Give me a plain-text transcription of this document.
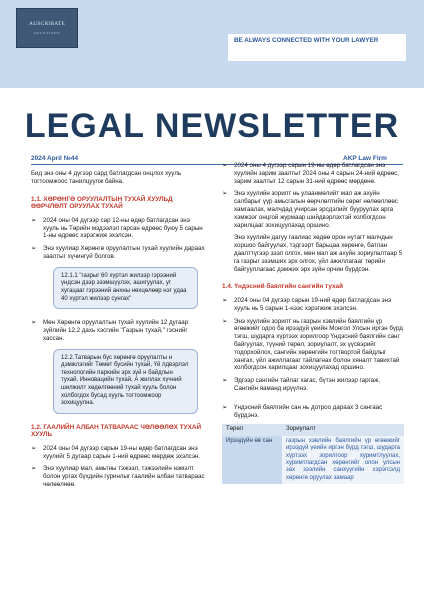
AUSCRIBATE
SOLUTIONS
BE ALWAYS CONNECTED WITH YOUR LAWYER
LEGAL NEWSLETTER
2024 April №44	AKP Law Firm

Бид энэ оны 4 дүгээр сард батлагдсан онцлох хууль тогтоомжоос танилцуулж байна.

1.1. ХӨРӨНГӨ ОРУУЛАЛТЫН ТУХАЙ ХУУЛЬД ӨӨРЧЛӨЛТ ОРУУЛАХ ТУХАЙ
➢ 2024 оны 04 дүгээр сар 12-ны өдөр батлагдсан энэ хууль нь Төрийн мэдээлэл гарсан өдрөөс буюу 5 сарын 1-ны өдрөөс хэрэгжиж эхэлсэн.
➢ Энэ хуулиар Хөрөнгө оруулалтын тухай хуулийн дараах заалтыг хүчингүй болгов.
12.1.1 "газрыг 60 хүртэл жилээр гэрээний үндсэн дээр эзэмшүүлэх, ашигуулах, уг хугацааг гэрээний анхны нөхцөлөөр нэг удаа 40 хүртэл жилээр сунгах"
➢ Мөн Хөрөнгө оруулалтын тухай хуулийн 12 дугаар зүйлийн 12.2 дахь хэсгийн "Газрын тухай," гэснийг хассан.
12.2.Татварын бус хөрөнгө оруулалты н дэмжлэгийг Төмөт бусийн тухай, Үй лдвэрлэл технологийн паркийн эрх зүй н байдлын тухай, Инновацийн тухай, А жиллах хүчний шилжилт хөдөлгөөний тухай хууль болон холбогдох бусад хууль тогтоомжоор зохицуулна.
1.2. ГААЛИЙН АЛБАН ТАТВАРААС ЧӨЛӨӨЛӨХ ТУХАЙ ХУУЛЬ
➢ 2024 оны 04 дүгээр сарын 19-ны өдөр батлагдсан энэ хуулийг 5 дугаар сарын 1-ний өдрөөс мөрдөж эхэлсэн.
➢ Энэ хуулиар мал, амьтны тэжээл, тэжээлийн нэмэлт болон ургах бүхдийн гуринлыг гаалийн албан татвараас чөлөөлнөө.
➢ 2024 оны 4 дүгээр сарын 19-ны өдөр батлагдсан энэ хуулийн зарим заалтыг 2024 оны 4 сарын 24-ний өдрөөс, зарим заалтыг 12 сарын 31-ний өдрөөс мөрдөнө.
➢ Энэ хуулийн зорилт нь улаанмөлийт мал аж ахуйн салбарыг үүр амьсгалын өөрчлөлтийн сөрөг нөлөөллөөс хамгаалах, малчдад учирсан эрсдэлийг бууруулах арга хэмжээг онцгой журмаар шийдвэрлэхтэй холбогдсон харилцааг зохицуулахад оршино.

Энэ хуулийн дагуу гаалиас хөдөө орон нутагт малчдын хоршоо байгуулах, тэдгээрт барьцаа хөрөнгө, батлан даалттүгээр зээл олгох, мөн мал аж ахуйн зориулалтаар 5 га газрыг эзэмших эрх олгох, үйл ажиллагааг төрийн байгууллагаас дэмжих эрх зүйн орчин бүрдсэн.

1.4. Үндэсний баялгийн сангийн тухай
➢ 2024 оны 04 дүгээр сарын 19-ний өдөр батлагдсан энэ хууль нь 5 сарын 1-нээс хэрэгжиж эхэлсэн.
➢ Энэ хуулийн зорилт нь газрын хэвлийн баялгийн үр өгөөжийг одоо ба ирээдүй үеийн Монгол Улсын иргэн бүрд тэгш, шударга хүртээх зорилгоор Үндэсний баялгийн санг байгуулах, түүний төрөл, зориулалт, эх үүсвэрийг тодорхойлох, сангийн хөрөнгийн тогтвортой байдлыг хангах, үйл ажиллагааг тайлагнах болон хяналт тавихтай холбогдсон харилцааг зохицуулахад оршино.
➢ Эдгээр сангийн тайлаг хагас, бүтэн жилээр гаргаж, Сангийн яаманд ирүүлнэ.
➢ Үндэсний баялгийн сан нь дотроо дараах 3 сангаас бүрдэнэ.
Төрөл	Зориулалт
Ирээдүйн өв сан	газрын хэвлийн баялгийн үр өгөөжийг ирээдүй үеийн иргэн бүрд тэгш, шударга хүртээх зорилгоор хуримтлуулах, хуримтлагдсан хөрөнгийг олон улсын зах зээлийн санхүүгийн хэрэгсэлд хөрөнгө оруулах замаар
